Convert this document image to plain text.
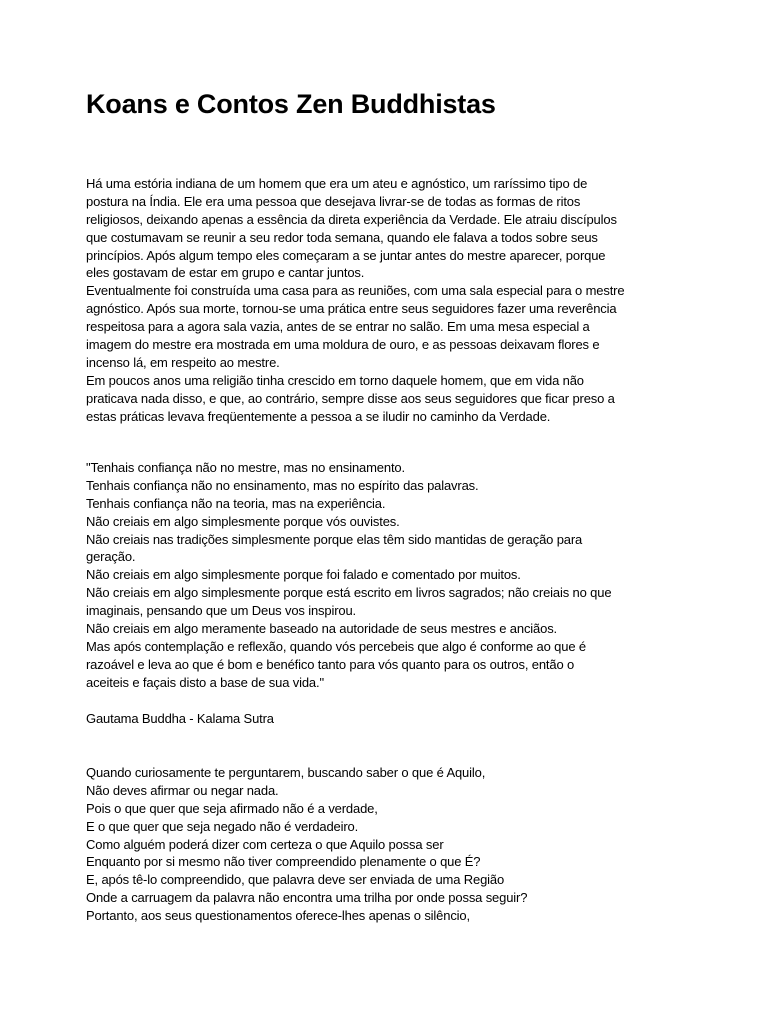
Koans e Contos Zen Buddhistas
Há uma estória indiana de um homem que era um ateu e agnóstico, um raríssimo tipo de
postura na Índia. Ele era uma pessoa que desejava livrar-se de todas as formas de ritos
religiosos, deixando apenas a essência da direta experiência da Verdade. Ele atraiu discípulos
que costumavam se reunir a seu redor toda semana, quando ele falava a todos sobre seus
princípios. Após algum tempo eles começaram a se juntar antes do mestre aparecer, porque
eles gostavam de estar em grupo e cantar juntos.
Eventualmente foi construída uma casa para as reuniões, com uma sala especial para o mestre
agnóstico. Após sua morte, tornou-se uma prática entre seus seguidores fazer uma reverência
respeitosa para a agora sala vazia, antes de se entrar no salão. Em uma mesa especial a
imagem do mestre era mostrada em uma moldura de ouro, e as pessoas deixavam flores e
incenso lá, em respeito ao mestre.
Em poucos anos uma religião tinha crescido em torno daquele homem, que em vida não
praticava nada disso, e que, ao contrário, sempre disse aos seus seguidores que ficar preso a
estas práticas levava freqüentemente a pessoa a se iludir no caminho da Verdade.
"Tenhais confiança não no mestre, mas no ensinamento.
Tenhais confiança não no ensinamento, mas no espírito das palavras.
Tenhais confiança não na teoria, mas na experiência.
Não creiais em algo simplesmente porque vós ouvistes.
Não creiais nas tradições simplesmente porque elas têm sido mantidas de geração para
geração.
Não creiais em algo simplesmente porque foi falado e comentado por muitos.
Não creiais em algo simplesmente porque está escrito em livros sagrados; não creiais no que
imaginais, pensando que um Deus vos inspirou.
Não creiais em algo meramente baseado na autoridade de seus mestres e anciãos.
Mas após contemplação e reflexão, quando vós percebeis que algo é conforme ao que é
razoável e leva ao que é bom e benéfico tanto para vós quanto para os outros, então o
aceiteis e façais disto a base de sua vida."
Gautama Buddha - Kalama Sutra
Quando curiosamente te perguntarem, buscando saber o que é Aquilo,
Não deves afirmar ou negar nada.
Pois o que quer que seja afirmado não é a verdade,
E o que quer que seja negado não é verdadeiro.
Como alguém poderá dizer com certeza o que Aquilo possa ser
Enquanto por si mesmo não tiver compreendido plenamente o que É?
E, após tê-lo compreendido, que palavra deve ser enviada de uma Região
Onde a carruagem da palavra não encontra uma trilha por onde possa seguir?
Portanto, aos seus questionamentos oferece-lhes apenas o silêncio,
